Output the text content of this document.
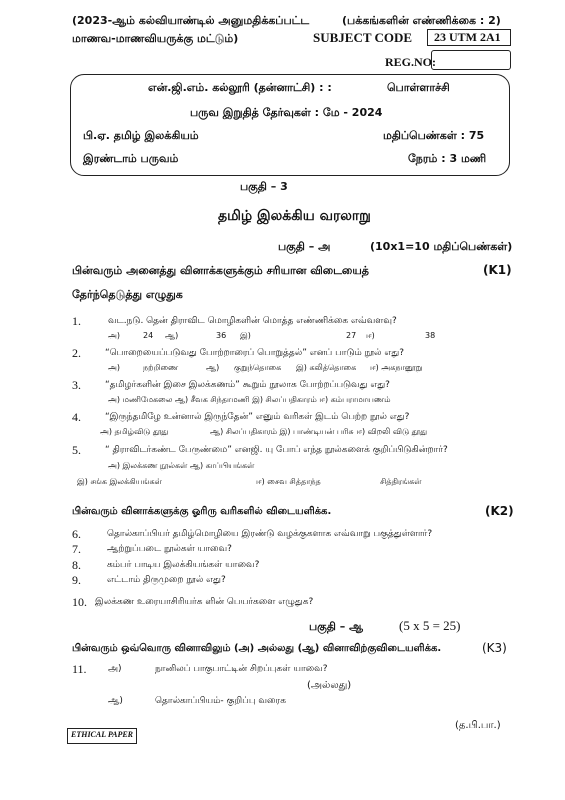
(2023-ஆம் கல்வியாண்டில் அனுமதிக்கப்பட்ட	(பக்கங்களின் எண்ணிக்கை : 2)
மாணவ-மாணவியருக்கு மட்டும்)	SUBJECT CODE 23 UTM 2A1
REG.NO:
என்.ஜி.எம். கல்லூரி (தன்னாட்சி) : :	பொள்ளாச்சி
பருவ இறுதித் தேர்வுகள் : மே - 2024
பி.ஏ. தமிழ் இலக்கியம்	மதிப்பெண்கள் : 75
இரண்டாம் பருவம்	நேரம் : 3 மணி
பகுதி – 3
தமிழ் இலக்கிய வரலாறு
பகுதி – அ	(10x1=10 மதிப்பெண்கள்)
பின்வரும் அனைத்து வினாக்களுக்கும் சரியான விடையைத்	(K1)
தேர்ந்தெடுத்து எழுதுக
1.	வட.நடு. தென் திராவிட மொழிகளின் மொத்த எண்ணிக்கை எவ்வளவு?
அ)	24 ஆ)	36 இ)	27 ஈ)	38
2.	“பொறையைப்படுவது போற்றாரைப் பொறுத்தல்” எனப் பாடும் நூல் எது?
அ)	நற்றிணை	ஆ) குறுந்தொகை இ) கலித்தொகை ஈ) அகநானூறு
3.	“தமிழர்களின் இசை இலக்கணம்” கூறும் நூலாக போற்றப்படுவது எது?
அ) மணிமேகலை ஆ) சீவக சிந்தாமணி இ) சிலப்பதிகாரம் ஈ) கம்பராமாயணம்
4.	“இருந்தமிழே உன்னால் இருந்தேன்” எனும் வரிகள் இடம் பெற்ற நூல் எது?
அ) தமிழ்விடு தூது	ஆ) சிலப்பதிகாரம் இ) பாண்டியன் பரிசு ஈ) விறலி விடு தூது
5.	“ திராவிடர்கண்ட பேருண்மை” எனஜி. யு போப் எந்த நூல்களைக் குறிப்பிடுகின்றார்?
அ) இலக்கண நூல்கள் ஆ) காப்பியங்கள்
இ) சங்க இலக்கியங்கள்	ஈ) சைவ சித்தாந்த	சித்திரங்கள்
பின்வரும் வினாக்களுக்கு ஓரிரு வரிகளில் விடையளிக்க.	(K2)
6.	தொல்காப்பியர் தமிழ்மொழியை இரண்டு வழக்குகளாக எவ்வாறு பகுத்துள்ளார்?
7.	ஆற்றுப்படை நூல்கள் யாவை?
8.	கம்பர் பாடிய இலக்கியங்கள் யாவை?
9.	எட்டாம் திருமுறை நூல் எது?
10. இலக்கண உரையாசிரியர்க ளின் பெயர்களை எழுதுக?
பகுதி – ஆ	(5 x 5 = 25)
பின்வரும் ஒவ்வொரு வினாவிலும் (அ) அல்லது (ஆ) வினாவிற்குவிடையளிக்க.	(K3)
11. அ)	நானிலப் பாகுபாட்டின் சிறப்புகள் யாவை?
(அல்லது)
ஆ)	தொல்காப்பியம்- குறிப்பு வரைக
ETHICAL PAPER
(த.பி.பா.)
